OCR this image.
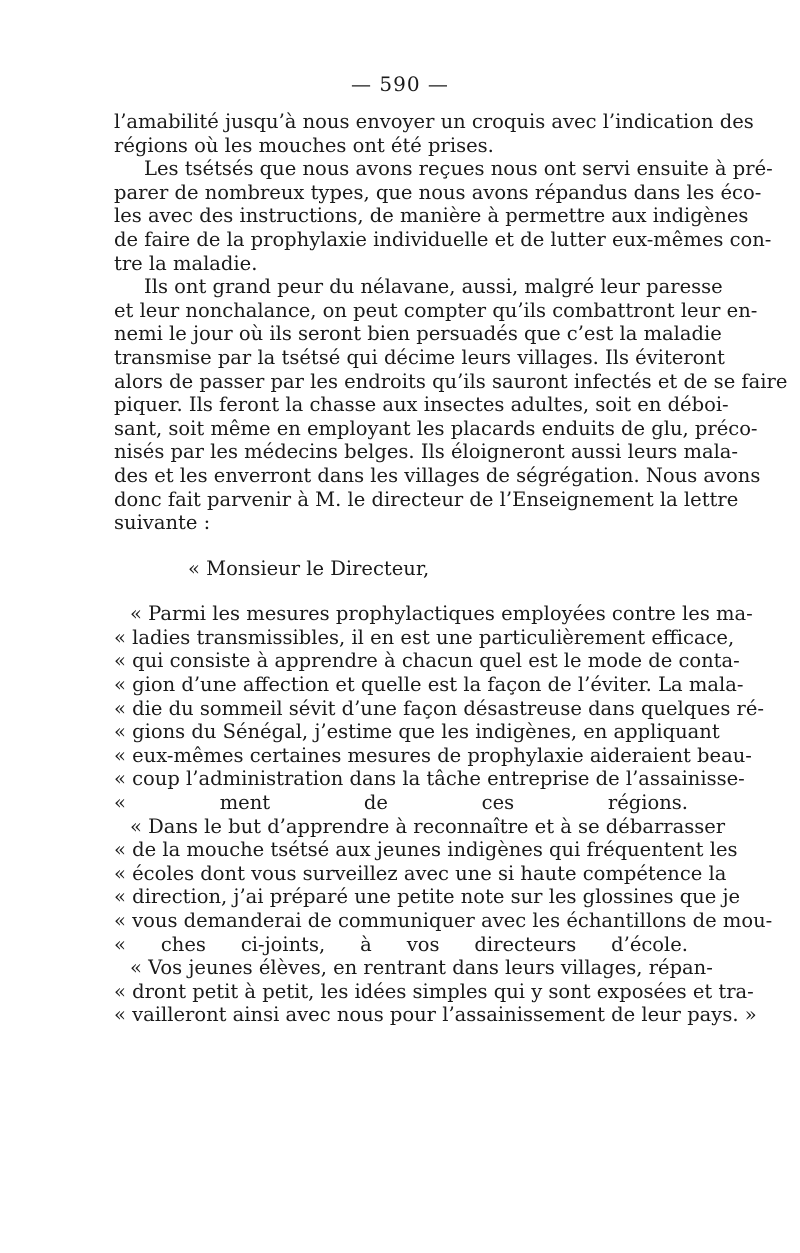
— 590 —
l’amabilité jusqu’à nous envoyer un croquis avec l’indication des
régions où les mouches ont été prises.
Les tsétsés que nous avons reçues nous ont servi ensuite à pré-
parer de nombreux types, que nous avons répandus dans les éco-
les avec des instructions, de manière à permettre aux indigènes
de faire de la prophylaxie individuelle et de lutter eux-mêmes con-
tre la maladie.
Ils ont grand peur du nélavane, aussi, malgré leur paresse
et leur nonchalance, on peut compter qu’ils combattront leur en-
nemi le jour où ils seront bien persuadés que c’est la maladie
transmise par la tsétsé qui décime leurs villages. Ils éviteront
alors de passer par les endroits qu’ils sauront infectés et de se faire
piquer. Ils feront la chasse aux insectes adultes, soit en déboi-
sant, soit même en employant les placards enduits de glu, préco-
nisés par les médecins belges. Ils éloigneront aussi leurs mala-
des et les enverront dans les villages de ségrégation. Nous avons
donc fait parvenir à M. le directeur de l’Enseignement la lettre
suivante :
« Monsieur le Directeur,
« Parmi les mesures prophylactiques employées contre les ma-
« ladies transmissibles, il en est une particulièrement efficace,
« qui consiste à apprendre à chacun quel est le mode de conta-
« gion d’une affection et quelle est la façon de l’éviter. La mala-
« die du sommeil sévit d’une façon désastreuse dans quelques ré-
« gions du Sénégal, j’estime que les indigènes, en appliquant
« eux-mêmes certaines mesures de prophylaxie aideraient beau-
« coup l’administration dans la tâche entreprise de l’assainisse-
« ment de ces régions.
« Dans le but d’apprendre à reconnaître et à se débarrasser
« de la mouche tsétsé aux jeunes indigènes qui fréquentent les
« écoles dont vous surveillez avec une si haute compétence la
« direction, j’ai préparé une petite note sur les glossines que je
« vous demanderai de communiquer avec les échantillons de mou-
« ches ci-joints, à vos directeurs d’école.
« Vos jeunes élèves, en rentrant dans leurs villages, répan-
« dront petit à petit, les idées simples qui y sont exposées et tra-
« vailleront ainsi avec nous pour l’assainissement de leur pays. »
